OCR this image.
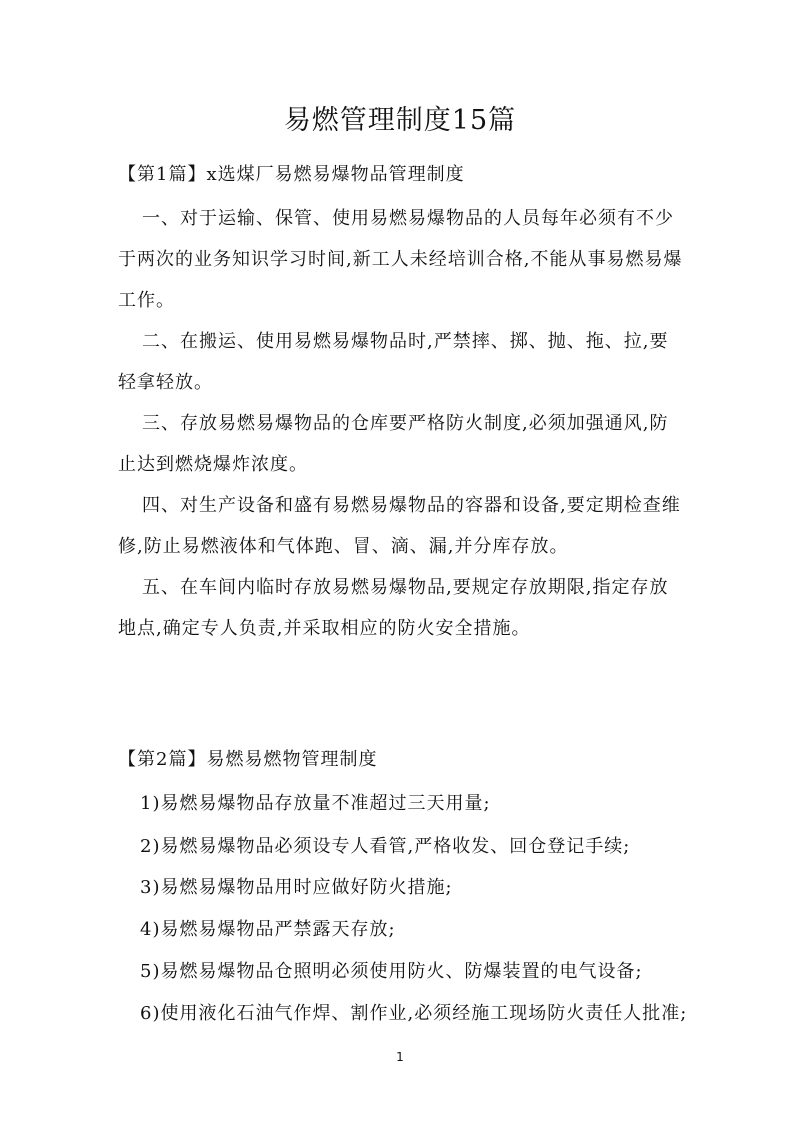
易燃管理制度15篇
【第1篇】x选煤厂易燃易爆物品管理制度
一、对于运输、保管、使用易燃易爆物品的人员每年必须有不少于两次的业务知识学习时间,新工人未经培训合格,不能从事易燃易爆工作。
二、在搬运、使用易燃易爆物品时,严禁摔、掷、抛、拖、拉,要轻拿轻放。
三、存放易燃易爆物品的仓库要严格防火制度,必须加强通风,防止达到燃烧爆炸浓度。
四、对生产设备和盛有易燃易爆物品的容器和设备,要定期检查维修,防止易燃液体和气体跑、冒、滴、漏,并分库存放。
五、在车间内临时存放易燃易爆物品,要规定存放期限,指定存放地点,确定专人负责,并采取相应的防火安全措施。
【第2篇】易燃易燃物管理制度
1)易燃易爆物品存放量不准超过三天用量;
2)易燃易爆物品必须设专人看管,严格收发、回仓登记手续;
3)易燃易爆物品用时应做好防火措施;
4)易燃易爆物品严禁露天存放;
5)易燃易爆物品仓照明必须使用防火、防爆装置的电气设备;
6)使用液化石油气作焊、割作业,必须经施工现场防火责任人批准;
1
